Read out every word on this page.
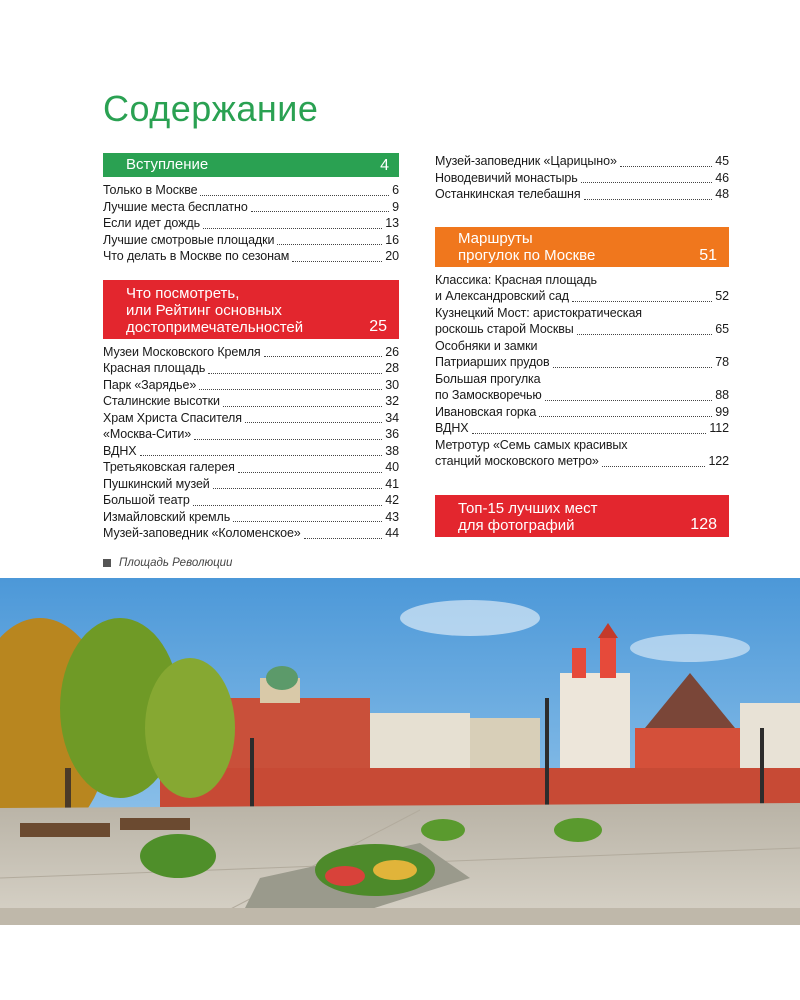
Содержание
Вступление	4
Только в Москве	6
Лучшие места бесплатно	9
Если идет дождь	13
Лучшие смотровые площадки	16
Что делать в Москве по сезонам	20
Что посмотреть,
или Рейтинг основных
достопримечательностей	25
Музеи Московского Кремля	26
Красная площадь	28
Парк «Зарядье»	30
Сталинские высотки	32
Храм Христа Спасителя	34
«Москва-Сити»	36
ВДНХ	38
Третьяковская галерея	40
Пушкинский музей	41
Большой театр	42
Измайловский кремль	43
Музей-заповедник «Коломенское»	44
Музей-заповедник «Царицыно»	45
Новодевичий монастырь	46
Останкинская телебашня	48
Маршруты
прогулок по Москве	51
Классика: Красная площадь
и Александровский сад	52
Кузнецкий Мост: аристократическая
роскошь старой Москвы	65
Особняки и замки
Патриарших прудов	78
Большая прогулка
по Замоскворечью	88
Ивановская горка	99
ВДНХ	112
Метротур «Семь самых красивых
станций московского метро»	122
Топ-15 лучших мест
для фотографий	128
Площадь Революции
